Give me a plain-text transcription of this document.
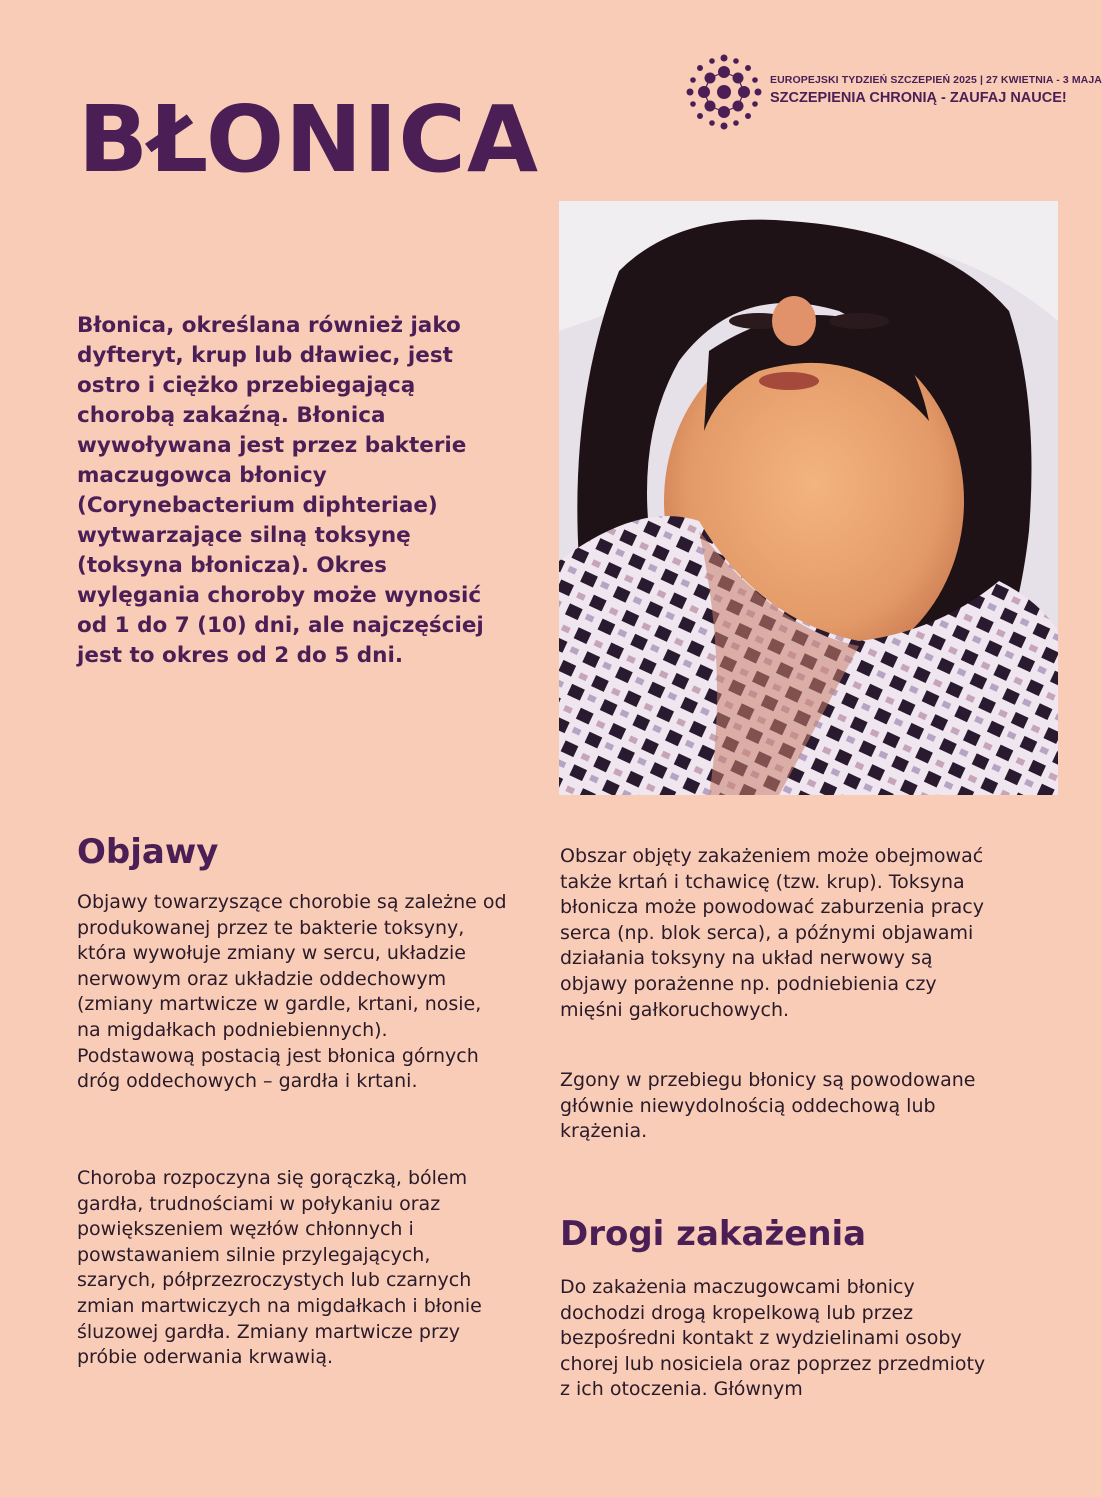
BŁONICA
EUROPEJSKI TYDZIEŃ SZCZEPIEŃ 2025 | 27 KWIETNIA - 3 MAJA
SZCZEPIENIA CHRONIĄ - ZAUFAJ NAUCE!

Błonica, określana również jako dyfteryt, krup lub dławiec, jest ostro i ciężko przebiegającą chorobą zakaźną. Błonica wywoływana jest przez bakterie maczugowca błonicy (Corynebacterium diphteriae) wytwarzające silną toksynę (toksyna błonicza). Okres wylęgania choroby może wynosić od 1 do 7 (10) dni, ale najczęściej jest to okres od 2 do 5 dni.

Objawy

Objawy towarzyszące chorobie są zależne od produkowanej przez te bakterie toksyny, która wywołuje zmiany w sercu, układzie nerwowym oraz układzie oddechowym (zmiany martwicze w gardle, krtani, nosie, na migdałkach podniebiennych). Podstawową postacią jest błonica górnych dróg oddechowych – gardła i krtani.

Choroba rozpoczyna się gorączką, bólem gardła, trudnościami w połykaniu oraz powiększeniem węzłów chłonnych i powstawaniem silnie przylegających, szarych, półprzezroczystych lub czarnych zmian martwiczych na migdałkach i błonie śluzowej gardła. Zmiany martwicze przy próbie oderwania krwawią.

Obszar objęty zakażeniem może obejmować także krtań i tchawicę (tzw. krup). Toksyna błonicza może powodować zaburzenia pracy serca (np. blok serca), a późnymi objawami działania toksyny na układ nerwowy są objawy porażenne np. podniebienia czy mięśni gałkoruchowych.

Zgony w przebiegu błonicy są powodowane głównie niewydolnością oddechową lub krążenia.

Drogi zakażenia

Do zakażenia maczugowcami błonicy dochodzi drogą kropelkową lub przez bezpośredni kontakt z wydzielinami osoby chorej lub nosiciela oraz poprzez przedmioty z ich otoczenia. Głównym
